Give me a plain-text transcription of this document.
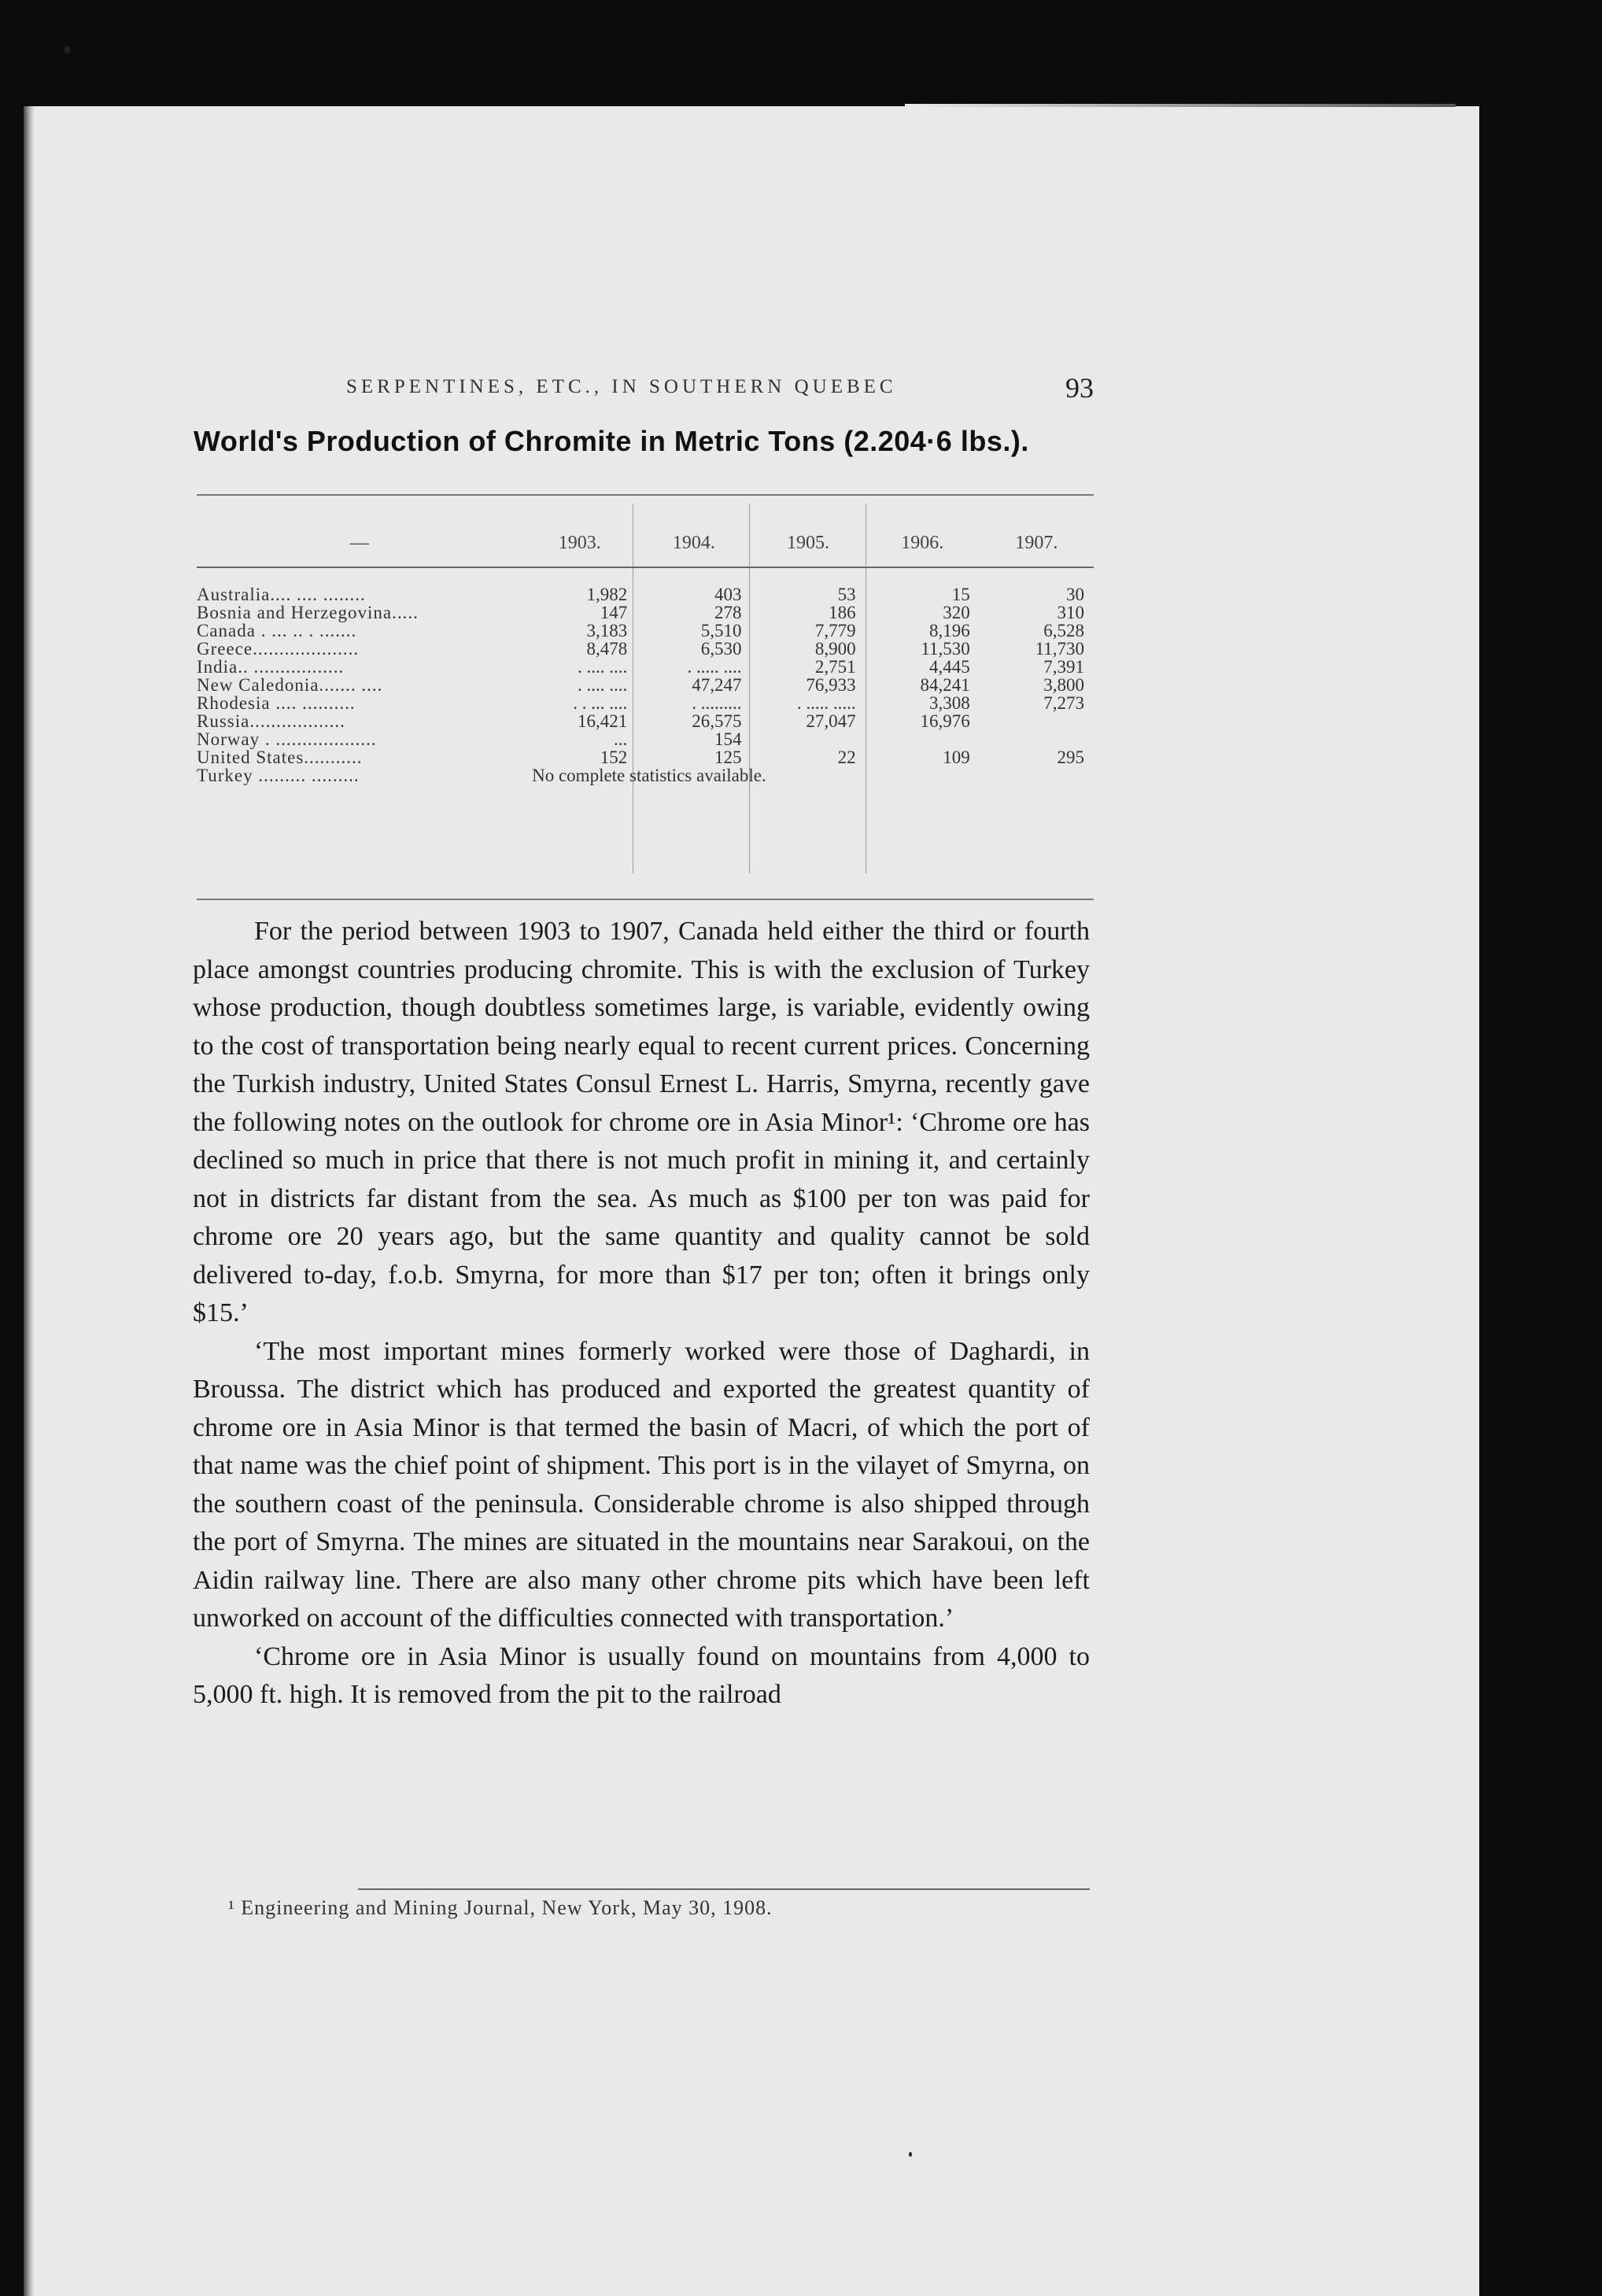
SERPENTINES, ETC., IN SOUTHERN QUEBEC	93
World's Production of Chromite in Metric Tons (2.204·6 lbs.).
—	1903.	1904.	1905.	1906.	1907.
Australia.... .... ........	1,982	403	53	15	30
Bosnia and Herzegovina.....	147	278	186	320	310
Canada . ... .. . .......	3,183	5,510	7,779	8,196	6,528
Greece....................	8,478	6,530	8,900	11,530	11,730
India.. .................	. .... ....	. ..... ....	2,751	4,445	7,391
New Caledonia....... ....	. .... ....	47,247	76,933	84,241	3,800
Rhodesia .... ..........	. . ... ....	. .........	. ..... .....	3,308	7,273
Russia..................	16,421	26,575	27,047	16,976	
Norway . ...................	...	154			
United States...........	152	125	22	109	295
Turkey ......... .........	No complete statistics available.				

For the period between 1903 to 1907, Canada held either the third or fourth place amongst countries producing chromite. This is with the exclusion of Turkey whose production, though doubtless sometimes large, is variable, evidently owing to the cost of transportation being nearly equal to recent current prices. Concerning the Turkish industry, United States Consul Ernest L. Harris, Smyrna, recently gave the following notes on the outlook for chrome ore in Asia Minor¹: ‘Chrome ore has declined so much in price that there is not much profit in mining it, and certainly not in districts far distant from the sea. As much as $100 per ton was paid for chrome ore 20 years ago, but the same quantity and quality cannot be sold delivered to-day, f.o.b. Smyrna, for more than $17 per ton; often it brings only $15.’

‘The most important mines formerly worked were those of Daghardi, in Broussa. The district which has produced and exported the greatest quantity of chrome ore in Asia Minor is that termed the basin of Macri, of which the port of that name was the chief point of shipment. This port is in the vilayet of Smyrna, on the southern coast of the peninsula. Considerable chrome is also shipped through the port of Smyrna. The mines are situated in the mountains near Sarakoui, on the Aidin railway line. There are also many other chrome pits which have been left unworked on account of the difficulties connected with transportation.’

‘Chrome ore in Asia Minor is usually found on mountains from 4,000 to 5,000 ft. high. It is removed from the pit to the railroad

¹ Engineering and Mining Journal, New York, May 30, 1908.
